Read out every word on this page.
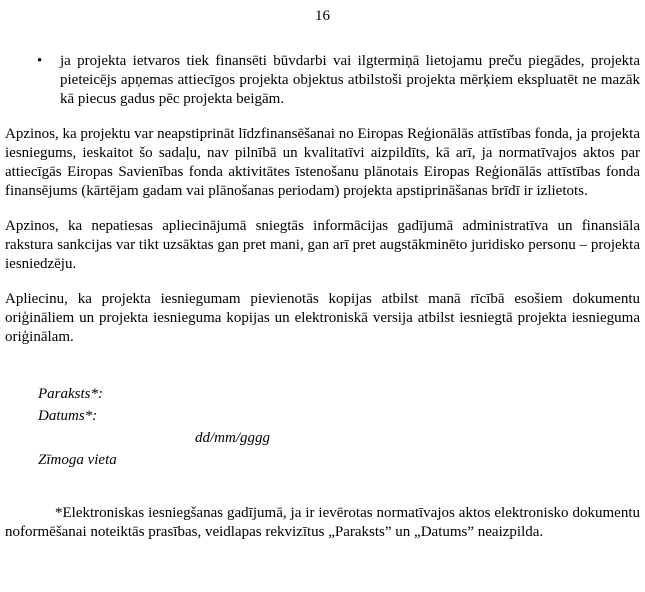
16
• ja projekta ietvaros tiek finansēti būvdarbi vai ilgtermiņā lietojamu preču piegādes, projekta pieteicējs apņemas attiecīgos projekta objektus atbilstoši projekta mērķiem ekspluatēt ne mazāk kā piecus gadus pēc projekta beigām.

Apzinos, ka projektu var neapstiprināt līdzfinansēšanai no Eiropas Reģionālās attīstības fonda, ja projekta iesniegums, ieskaitot šo sadaļu, nav pilnībā un kvalitatīvi aizpildīts, kā arī, ja normatīvajos aktos par attiecīgās Eiropas Savienības fonda aktivitātes īstenošanu plānotais Eiropas Reģionālās attīstības fonda finansējums (kārtējam gadam vai plānošanas periodam) projekta apstiprināšanas brīdī ir izlietots.

Apzinos, ka nepatiesas apliecinājumā sniegtās informācijas gadījumā administratīva un finansiāla rakstura sankcijas var tikt uzsāktas gan pret mani, gan arī pret augstākminēto juridisko personu – projekta iesniedzēju.

Apliecinu, ka projekta iesniegumam pievienotās kopijas atbilst manā rīcībā esošiem dokumentu oriģināliem un projekta iesnieguma kopijas un elektroniskā versija atbilst iesniegtā projekta iesnieguma oriģinālam.

Paraksts*:
Datums*:
dd/mm/gggg
Zīmoga vieta

*Elektroniskas iesniegšanas gadījumā, ja ir ievērotas normatīvajos aktos elektronisko dokumentu noformēšanai noteiktās prasības, veidlapas rekvizītus „Paraksts” un „Datums” neaizpilda.
